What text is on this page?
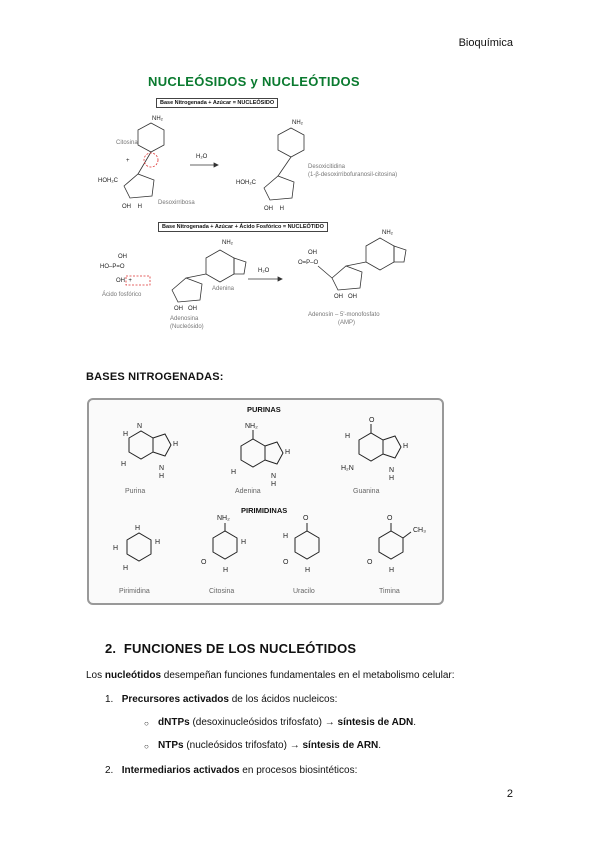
Bioquímica
NUCLEÓSIDOS y NUCLEÓTIDOS
Base Nitrogenada + Azúcar = NUCLEÓSIDO
Base Nitrogenada + Azúcar + Ácido Fosfórico = NUCLEÓTIDO
NH₂
Citosina
+
HOH₂C
OH    H
Desoxirribosa
H₂O
NH₂
HOH₂C
OH    H
Desoxicitidina
(1-β-desoxirribofuranosil-citosina)
OH
HO–P=O
OH  +
Ácido fosfórico
NH₂
Adenina
OH   OH
Adenosina
(Nucleósido)
H₂O
NH₂
OH
O=P–O
OH   OH
Adenosín – 5'-monofosfato
(AMP)
BASES NITROGENADAS:
PURINAS
PIRIMIDINAS
H
N
H
H
N
H
NH₂
H
H
N
H
O
H
H₂N
H
N
H
H
H
H
H
NH₂
O
H
H
O
H
O
H
O
CH₃
O
H
Purina	Adenina	Guanina
Pirimidina	Citosina	Uracilo	Timina
2. FUNCIONES DE LOS NUCLEÓTIDOS
Los nucleótidos desempeñan funciones fundamentales en el metabolismo celular:
1. Precursores activados de los ácidos nucleicos:
○ dNTPs (desoxinucleósidos trifosfato) → síntesis de ADN.
○ NTPs (nucleósidos trifosfato) → síntesis de ARN.
2. Intermediarios activados en procesos biosintéticos:
2
